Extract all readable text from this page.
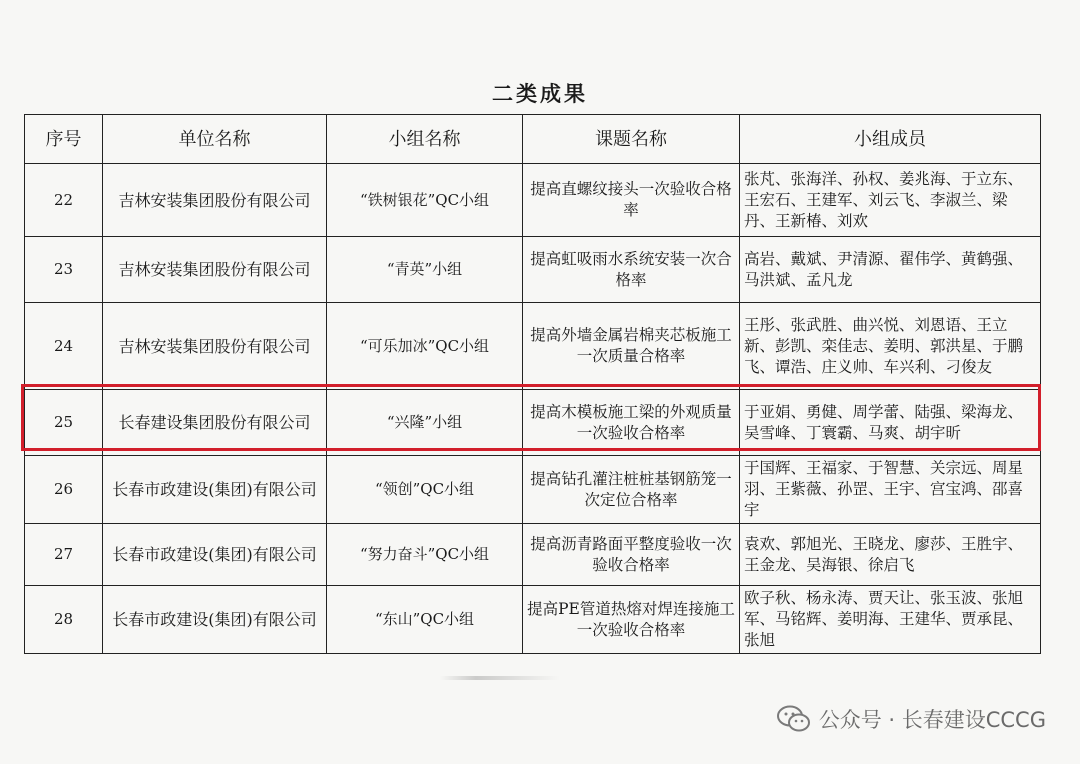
二类成果
序号	单位名称	小组名称	课题名称	小组成员
22	吉林安装集团股份有限公司	“铁树银花”QC小组	提高直螺纹接头一次验收合格率	张芃、张海洋、孙权、姜兆海、于立东、王宏石、王建军、刘云飞、李淑兰、梁丹、王新椿、刘欢
23	吉林安装集团股份有限公司	“青英”小组	提高虹吸雨水系统安装一次合格率	高岩、戴斌、尹清源、翟伟学、黄鹤强、马洪斌、孟凡龙
24	吉林安装集团股份有限公司	“可乐加冰”QC小组	提高外墙金属岩棉夹芯板施工一次质量合格率	王彤、张武胜、曲兴悦、刘恩语、王立新、彭凯、栾佳志、姜明、郭洪星、于鹏飞、谭浩、庄义帅、车兴利、刁俊友
25	长春建设集团股份有限公司	“兴隆”小组	提高木模板施工梁的外观质量一次验收合格率	于亚娟、勇健、周学蕾、陆强、梁海龙、吴雪峰、丁寰霸、马爽、胡宇昕
26	长春市政建设(集团)有限公司	“领创”QC小组	提高钻孔灌注桩桩基钢筋笼一次定位合格率	于国辉、王福家、于智慧、关宗远、周星羽、王紫薇、孙罡、王宇、宫宝鸿、邵喜宇
27	长春市政建设(集团)有限公司	“努力奋斗”QC小组	提高沥青路面平整度验收一次验收合格率	袁欢、郭旭光、王晓龙、廖莎、王胜宇、王金龙、吴海银、徐启飞
28	长春市政建设(集团)有限公司	“东山”QC小组	提高PE管道热熔对焊连接施工一次验收合格率	欧子秋、杨永涛、贾天让、张玉波、张旭军、马铭辉、姜明海、王建华、贾承昆、张旭
公众号 · 长春建设CCCG
